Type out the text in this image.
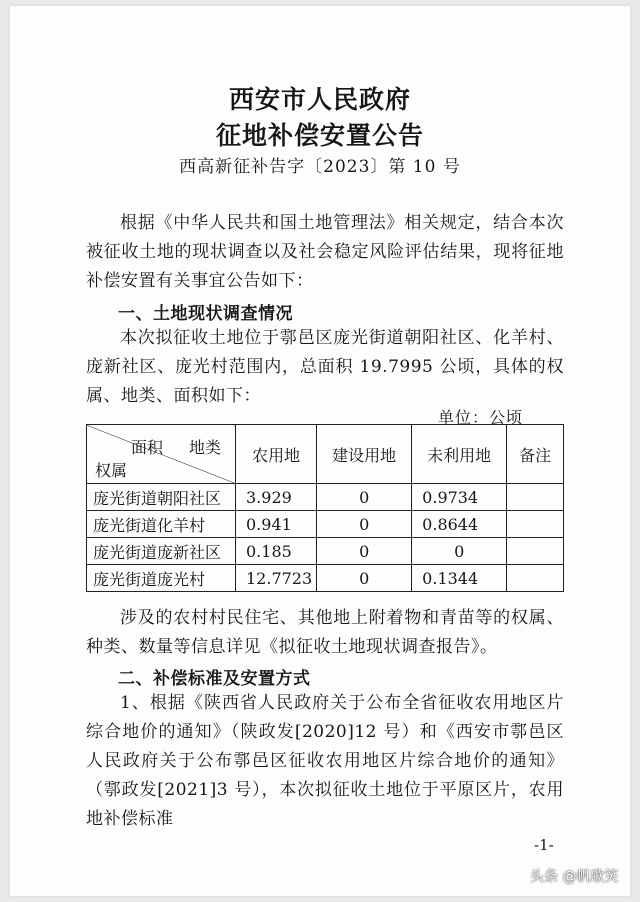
西安市人民政府
征地补偿安置公告
西高新征补告字〔2023〕第 10 号

根据《中华人民共和国土地管理法》相关规定，结合本次被征收土地的现状调查以及社会稳定风险评估结果，现将征地补偿安置有关事宜公告如下：

一、土地现状调查情况

本次拟征收土地位于鄠邑区庞光街道朝阳社区、化羊村、庞新社区、庞光村范围内，总面积 19.7995 公顷，具体的权属、地类、面积如下：

单位：公顷
面积 地类
权属	农用地	建设用地	未利用地	备注
庞光街道朝阳社区	3.929	0	0.9734	
庞光街道化羊村	0.941	0	0.8644	
庞光街道庞新社区	0.185	0	0	
庞光街道庞光村	12.7723	0	0.1344	

涉及的农村村民住宅、其他地上附着物和青苗等的权属、种类、数量等信息详见《拟征收土地现状调查报告》。

二、补偿标准及安置方式

1、根据《陕西省人民政府关于公布全省征收农用地区片综合地价的通知》（陕政发[2020]12 号）和《西安市鄠邑区人民政府关于公布鄠邑区征收农用地区片综合地价的通知》（鄠政发[2021]3 号），本次拟征收土地位于平原区片，农用地补偿标准

-1-
头条 @帆歌笑
